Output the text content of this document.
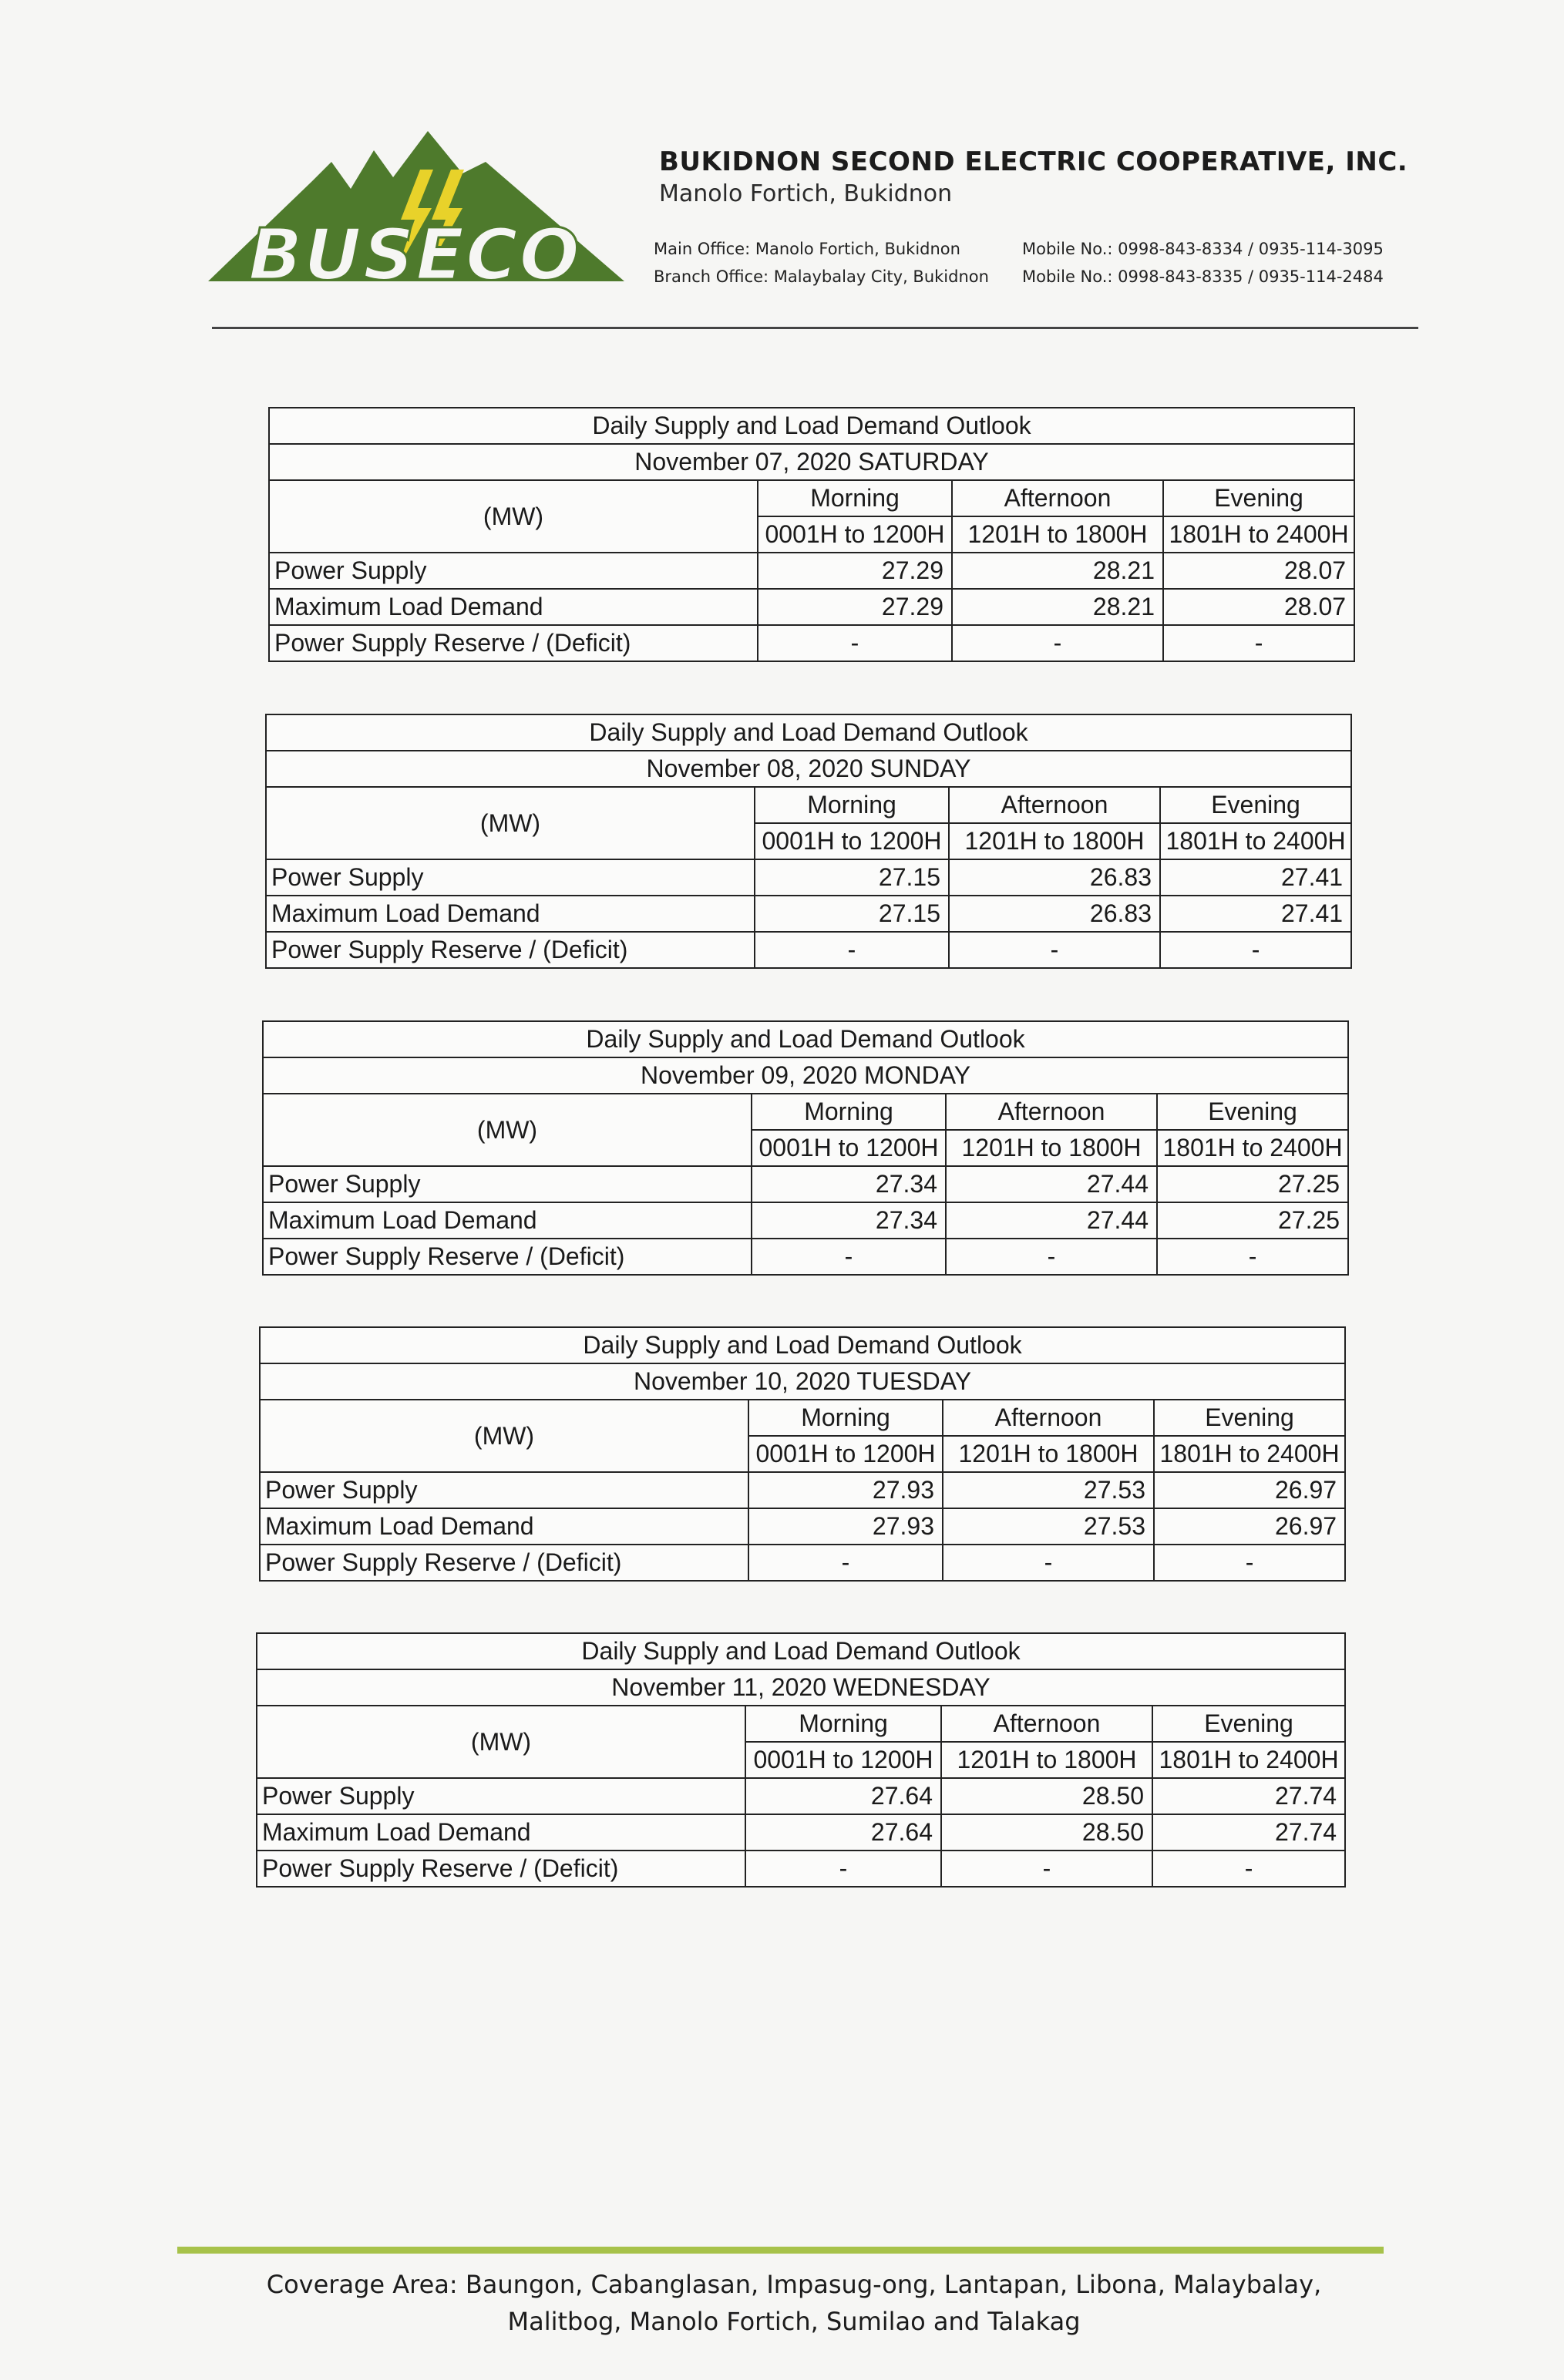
BUSECO
BUKIDNON SECOND ELECTRIC COOPERATIVE, INC.
Manolo Fortich, Bukidnon
Main Office: Manolo Fortich, Bukidnon	Mobile No.: 0998-843-8334 / 0935-114-3095
Branch Office: Malaybalay City, Bukidnon	Mobile No.: 0998-843-8335 / 0935-114-2484
Daily Supply and Load Demand Outlook			
November 07, 2020 SATURDAY			
(MW)	Morning	Afternoon	Evening
	0001H to 1200H	1201H to 1800H	1801H to 2400H
Power Supply	27.29	28.21	28.07
Maximum Load Demand	27.29	28.21	28.07
Power Supply Reserve / (Deficit)	-	-	-
Daily Supply and Load Demand Outlook			
November 08, 2020 SUNDAY			
(MW)	Morning	Afternoon	Evening
	0001H to 1200H	1201H to 1800H	1801H to 2400H
Power Supply	27.15	26.83	27.41
Maximum Load Demand	27.15	26.83	27.41
Power Supply Reserve / (Deficit)	-	-	-
Daily Supply and Load Demand Outlook			
November 09, 2020 MONDAY			
(MW)	Morning	Afternoon	Evening
	0001H to 1200H	1201H to 1800H	1801H to 2400H
Power Supply	27.34	27.44	27.25
Maximum Load Demand	27.34	27.44	27.25
Power Supply Reserve / (Deficit)	-	-	-
Daily Supply and Load Demand Outlook			
November 10, 2020 TUESDAY			
(MW)	Morning	Afternoon	Evening
	0001H to 1200H	1201H to 1800H	1801H to 2400H
Power Supply	27.93	27.53	26.97
Maximum Load Demand	27.93	27.53	26.97
Power Supply Reserve / (Deficit)	-	-	-
Daily Supply and Load Demand Outlook			
November 11, 2020 WEDNESDAY			
(MW)	Morning	Afternoon	Evening
	0001H to 1200H	1201H to 1800H	1801H to 2400H
Power Supply	27.64	28.50	27.74
Maximum Load Demand	27.64	28.50	27.74
Power Supply Reserve / (Deficit)	-	-	-
Coverage Area: Baungon, Cabanglasan, Impasug-ong, Lantapan, Libona, Malaybalay,
Malitbog, Manolo Fortich, Sumilao and Talakag
